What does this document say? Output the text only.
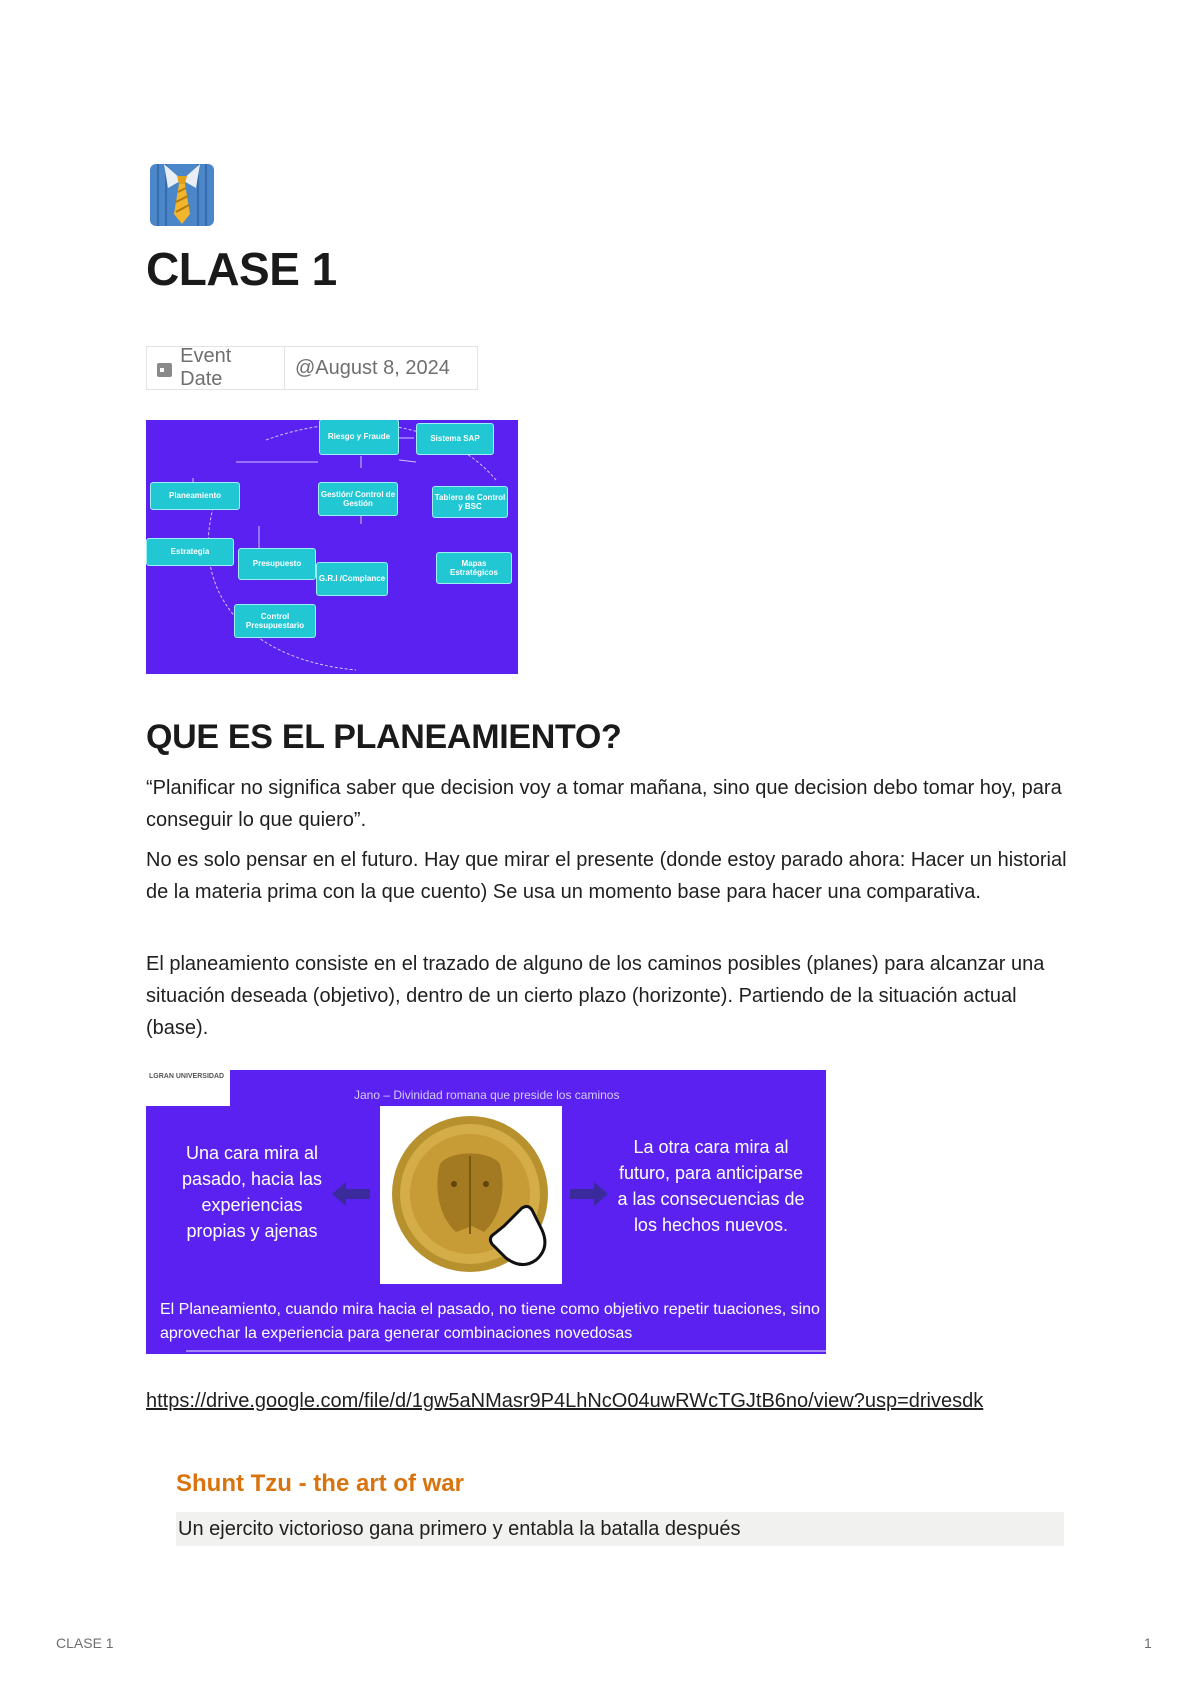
CLASE 1
Event Date
@August 8, 2024
Riesgo y Fraude	Sistema SAP
Planeamiento	Gestión/ Control de Gestión
Tablero de Control y BSC
Estrategia
Presupuesto
G.R.I /Complance
Mapas Estratégicos
Control Presupuestario
QUE ES EL PLANEAMIENTO?

“Planificar no significa saber que decision voy a tomar mañana, sino que decision debo tomar hoy, para conseguir lo que quiero”.

No es solo pensar en el futuro. Hay que mirar el presente (donde estoy parado ahora: Hacer un historial de la materia prima con la que cuento) Se usa un momento base para hacer una comparativa.

El planeamiento consiste en el trazado de alguno de los caminos posibles (planes) para alcanzar una situación deseada (objetivo), dentro de un cierto plazo (horizonte). Partiendo de la situación actual (base).

LGRAN UNIVERSIDAD
Jano – Divinidad romana que preside los caminos
Una cara mira al pasado, hacia las experiencias propias y ajenas
La otra cara mira al futuro, para anticiparse a las consecuencias de los hechos nuevos.
El Planeamiento, cuando mira hacia el pasado, no tiene como objetivo repetir tuaciones, sino aprovechar la experiencia para generar combinaciones novedosas
https://drive.google.com/file/d/1gw5aNMasr9P4LhNcO04uwRWcTGJtB6no/view?usp=drivesdk
Shunt Tzu - the art of war
Un ejercito victorioso gana primero y entabla la batalla después
CLASE 1	1
